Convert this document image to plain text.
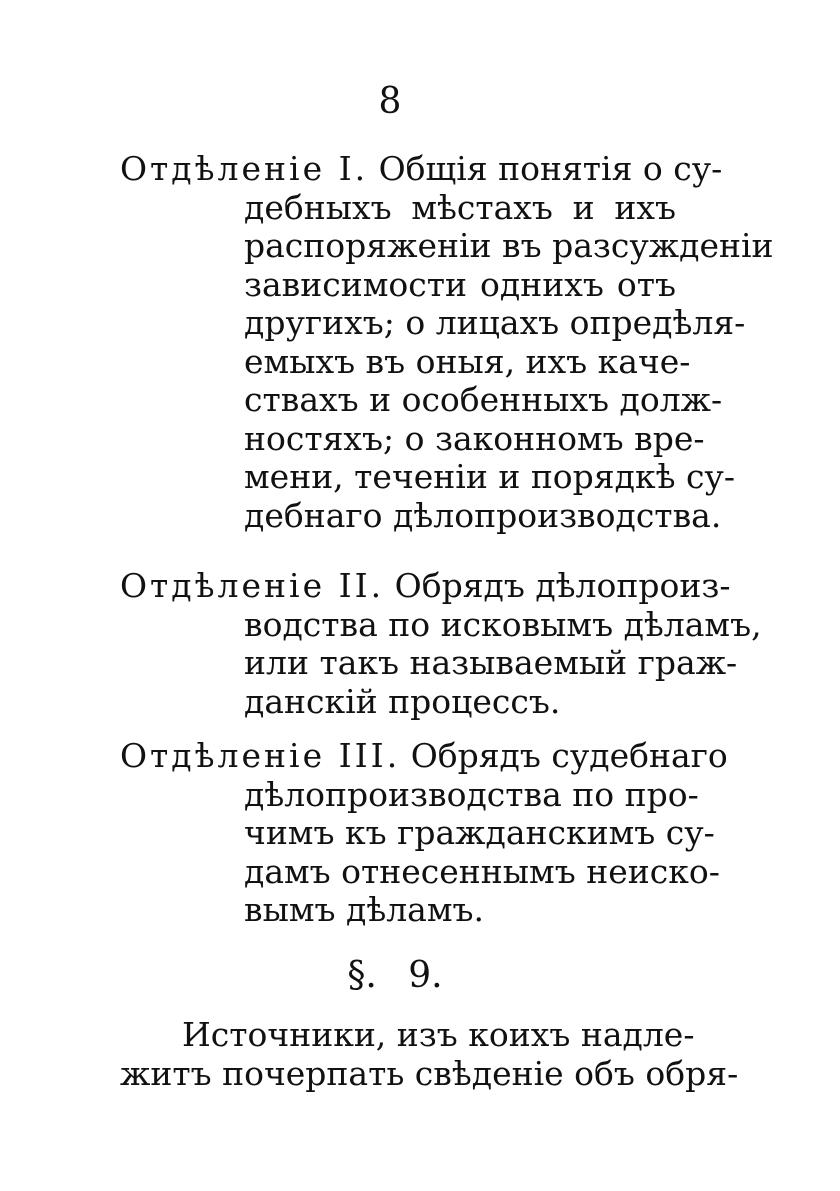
8
Отдѣленіе I. Общія понятія о су-
дебныхъ мѣстахъ и ихъ
распоряженіи въ разсужденіи
зависимости однихъ отъ
другихъ; о лицахъ опредѣля-
емыхъ въ оныя, ихъ каче-
ствахъ и особенныхъ долж-
ностяхъ; о законномъ вре-
мени, теченіи и порядкѣ су-
дебнаго дѣлопроизводства.
Отдѣленіе II. Обрядъ дѣлопроиз-
водства по исковымъ дѣламъ,
или такъ называемый граж-
данскій процессъ.
Отдѣленіе III. Обрядъ судебнаго
дѣлопроизводства по про-
чимъ къ гражданскимъ су-
дамъ отнесеннымъ неиско-
вымъ дѣламъ.
§. 9.
Источники, изъ коихъ надле-
житъ почерпать свѣденіе объ обря-
